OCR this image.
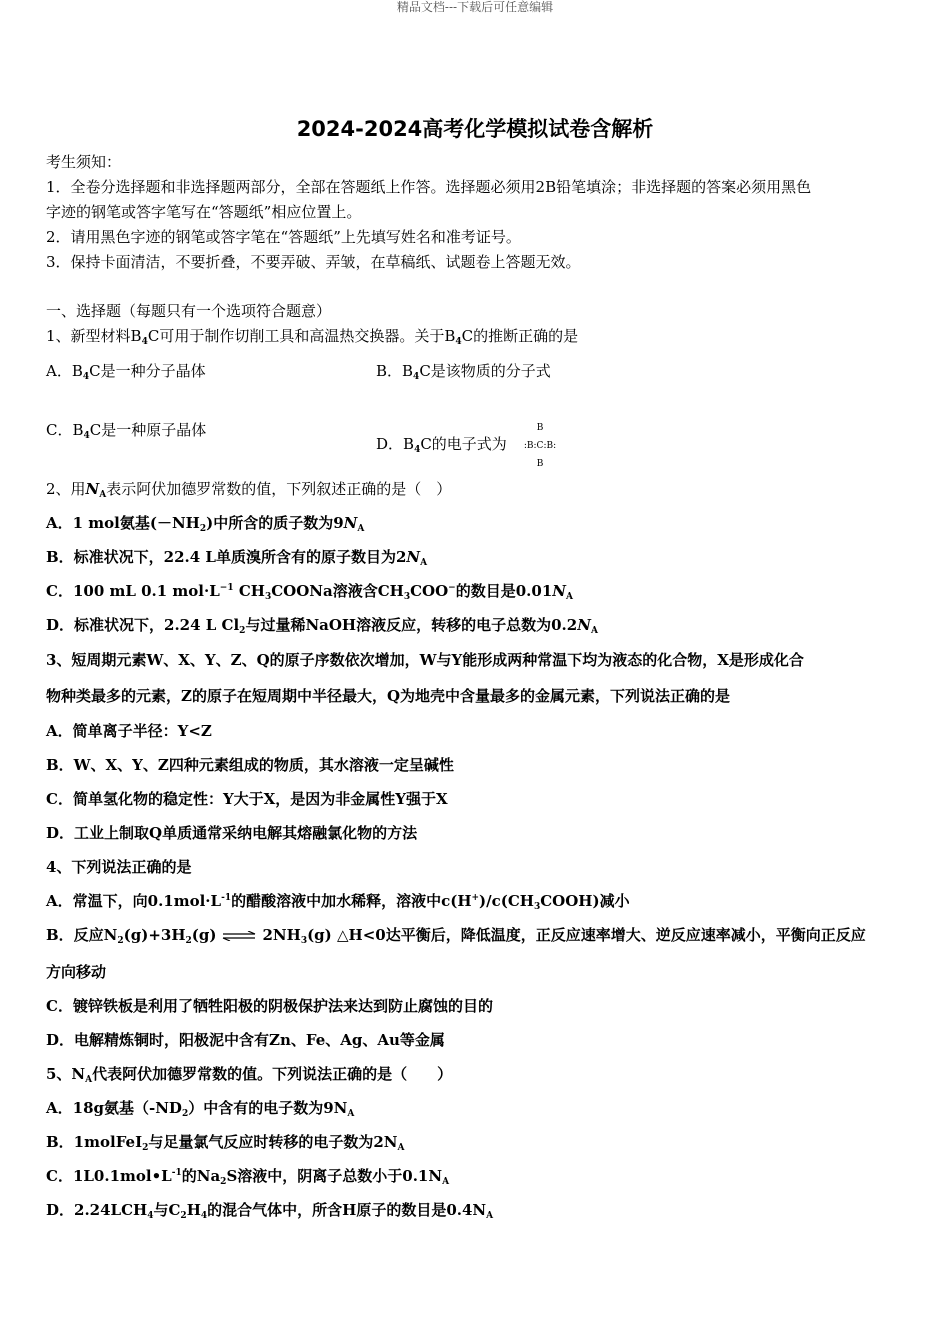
精品文档---下载后可任意编辑
2024-2024高考化学模拟试卷含解析
考生须知：
1．全卷分选择题和非选择题两部分，全部在答题纸上作答。选择题必须用2B铅笔填涂；非选择题的答案必须用黑色
字迹的钢笔或答字笔写在“答题纸”相应位置上。
2．请用黑色字迹的钢笔或答字笔在“答题纸”上先填写姓名和准考证号。
3．保持卡面清洁，不要折叠，不要弄破、弄皱，在草稿纸、试题卷上答题无效。
一、选择题（每题只有一个选项符合题意）
1、新型材料$B_4C$可用于制作切削工具和高温热交换器。关于$B_4C$的推断正确的是
A．$B_4C$是一种分子晶体	B．$B_4C$是该物质的分子式
C．$B_4C$是一种原子晶体
D．$B_4C$的电子式为
B
:B:C:B:
B
2、用$N_A$表示阿伏加德罗常数的值，下列叙述正确的是（　）
A．1 mol氨基$(-NH_2)$中所含的质子数为$9N_A$
B．标准状况下，22.4 L单质溴所含有的原子数目为$2N_A$
C．100 mL 0.1 $mol\cdot L^{-1}$ $CH_3COONa$溶液含$CH_3COO^-$的数目是$0.01N_A$
D．标准状况下，2.24 L $Cl_2$与过量稀NaOH溶液反应，转移的电子总数为$0.2N_A$
3、短周期元素W、X、Y、Z、Q的原子序数依次增加，W与Y能形成两种常温下均为液态的化合物，X是形成化合
物种类最多的元素，Z的原子在短周期中半径最大，Q为地壳中含量最多的金属元素，下列说法正确的是
A．简单离子半径：Y<Z
B．W、X、Y、Z四种元素组成的物质，其水溶液一定呈碱性
C．简单氢化物的稳定性：Y大于X，是因为非金属性Y强于X
D．工业上制取Q单质通常采纳电解其熔融氯化物的方法
4、下列说法正确的是
A．常温下，向$0.1mol\cdot L^{-1}$的醋酸溶液中加水稀释，溶液中$c(H^+)/c(CH_3COOH)$减小
B．反应$N_2(g)+3H_2(g)$ ⇌ $2NH_3(g)$ △H<0达平衡后，降低温度，正反应速率增大、逆反应速率减小，平衡向正反应
方向移动
C．镀锌铁板是利用了牺牲阳极的阴极保护法来达到防止腐蚀的目的
D．电解精炼铜时，阳极泥中含有Zn、Fe、Ag、Au等金属
5、$N_A$代表阿伏加德罗常数的值。下列说法正确的是（　　）
A．18g氨基$(-ND_2)$中含有的电子数为$9N_A$
B．1molFeI$_2$与足量氯气反应时转移的电子数为$2N_A$
C．$1L0.1mol•L^{-1}$的$Na_2S$溶液中，阴离子总数小于$0.1N_A$
D．$2.24LCH_4$与$C_2H_4$的混合气体中，所含H原子的数目是$0.4N_A$
